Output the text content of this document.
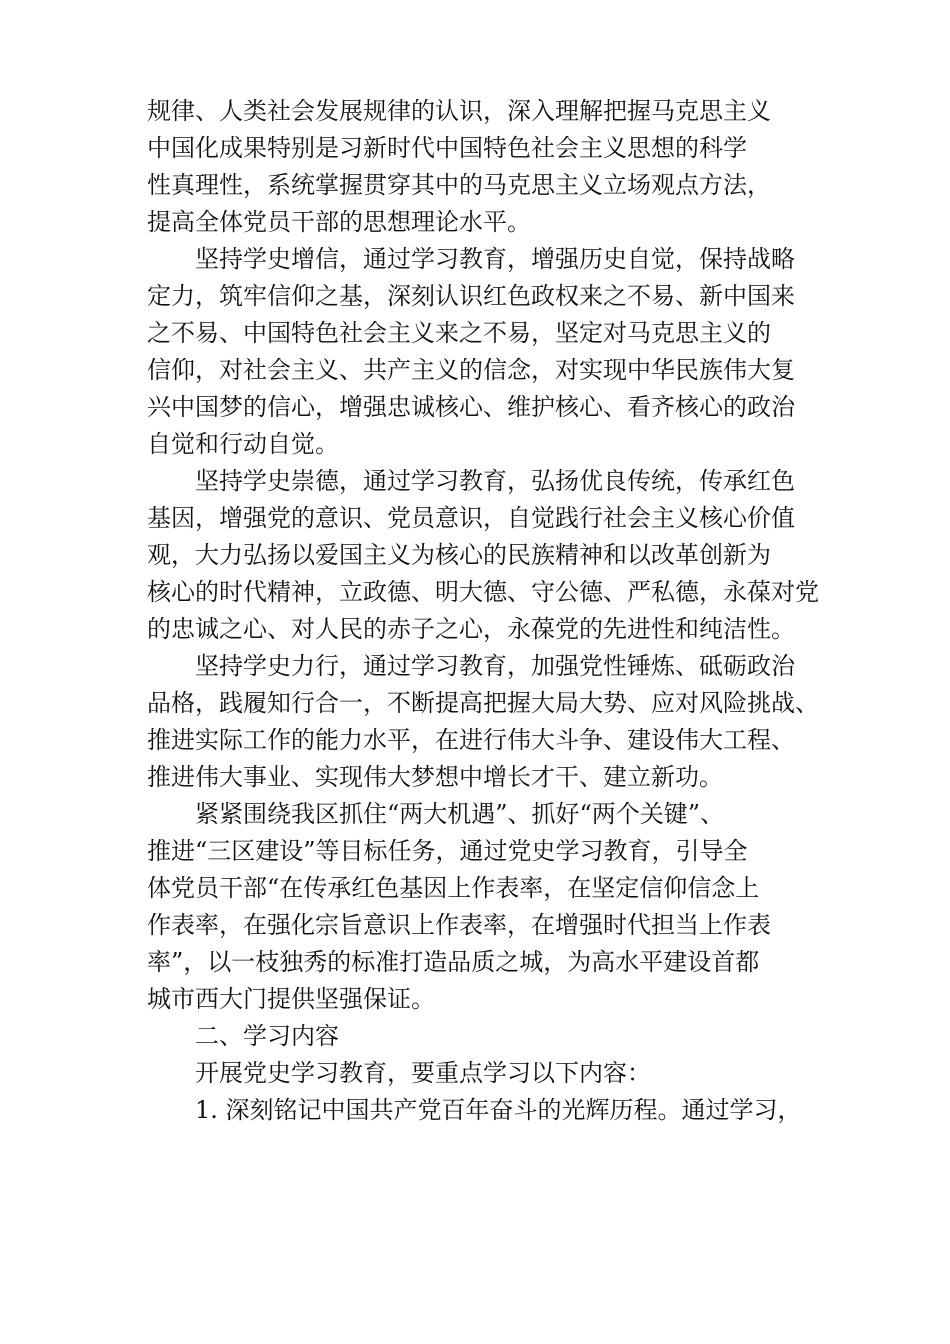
规律、人类社会发展规律的认识，深入理解把握马克思主义
中国化成果特别是习新时代中国特色社会主义思想的科学
性真理性，系统掌握贯穿其中的马克思主义立场观点方法，
提高全体党员干部的思想理论水平。
坚持学史增信，通过学习教育，增强历史自觉，保持战略
定力，筑牢信仰之基，深刻认识红色政权来之不易、新中国来
之不易、中国特色社会主义来之不易，坚定对马克思主义的
信仰，对社会主义、共产主义的信念，对实现中华民族伟大复
兴中国梦的信心，增强忠诚核心、维护核心、看齐核心的政治
自觉和行动自觉。
坚持学史崇德，通过学习教育，弘扬优良传统，传承红色
基因，增强党的意识、党员意识，自觉践行社会主义核心价值
观，大力弘扬以爱国主义为核心的民族精神和以改革创新为
核心的时代精神，立政德、明大德、守公德、严私德，永葆对党
的忠诚之心、对人民的赤子之心，永葆党的先进性和纯洁性。
坚持学史力行，通过学习教育，加强党性锤炼、砥砺政治
品格，践履知行合一，不断提高把握大局大势、应对风险挑战、
推进实际工作的能力水平，在进行伟大斗争、建设伟大工程、
推进伟大事业、实现伟大梦想中增长才干、建立新功。
紧紧围绕我区抓住“两大机遇”、抓好“两个关键”、
推进“三区建设”等目标任务，通过党史学习教育，引导全
体党员干部“在传承红色基因上作表率，在坚定信仰信念上
作表率，在强化宗旨意识上作表率，在增强时代担当上作表
率”，以一枝独秀的标准打造品质之城，为高水平建设首都
城市西大门提供坚强保证。
二、学习内容
开展党史学习教育，要重点学习以下内容：
1. 深刻铭记中国共产党百年奋斗的光辉历程。通过学习，
